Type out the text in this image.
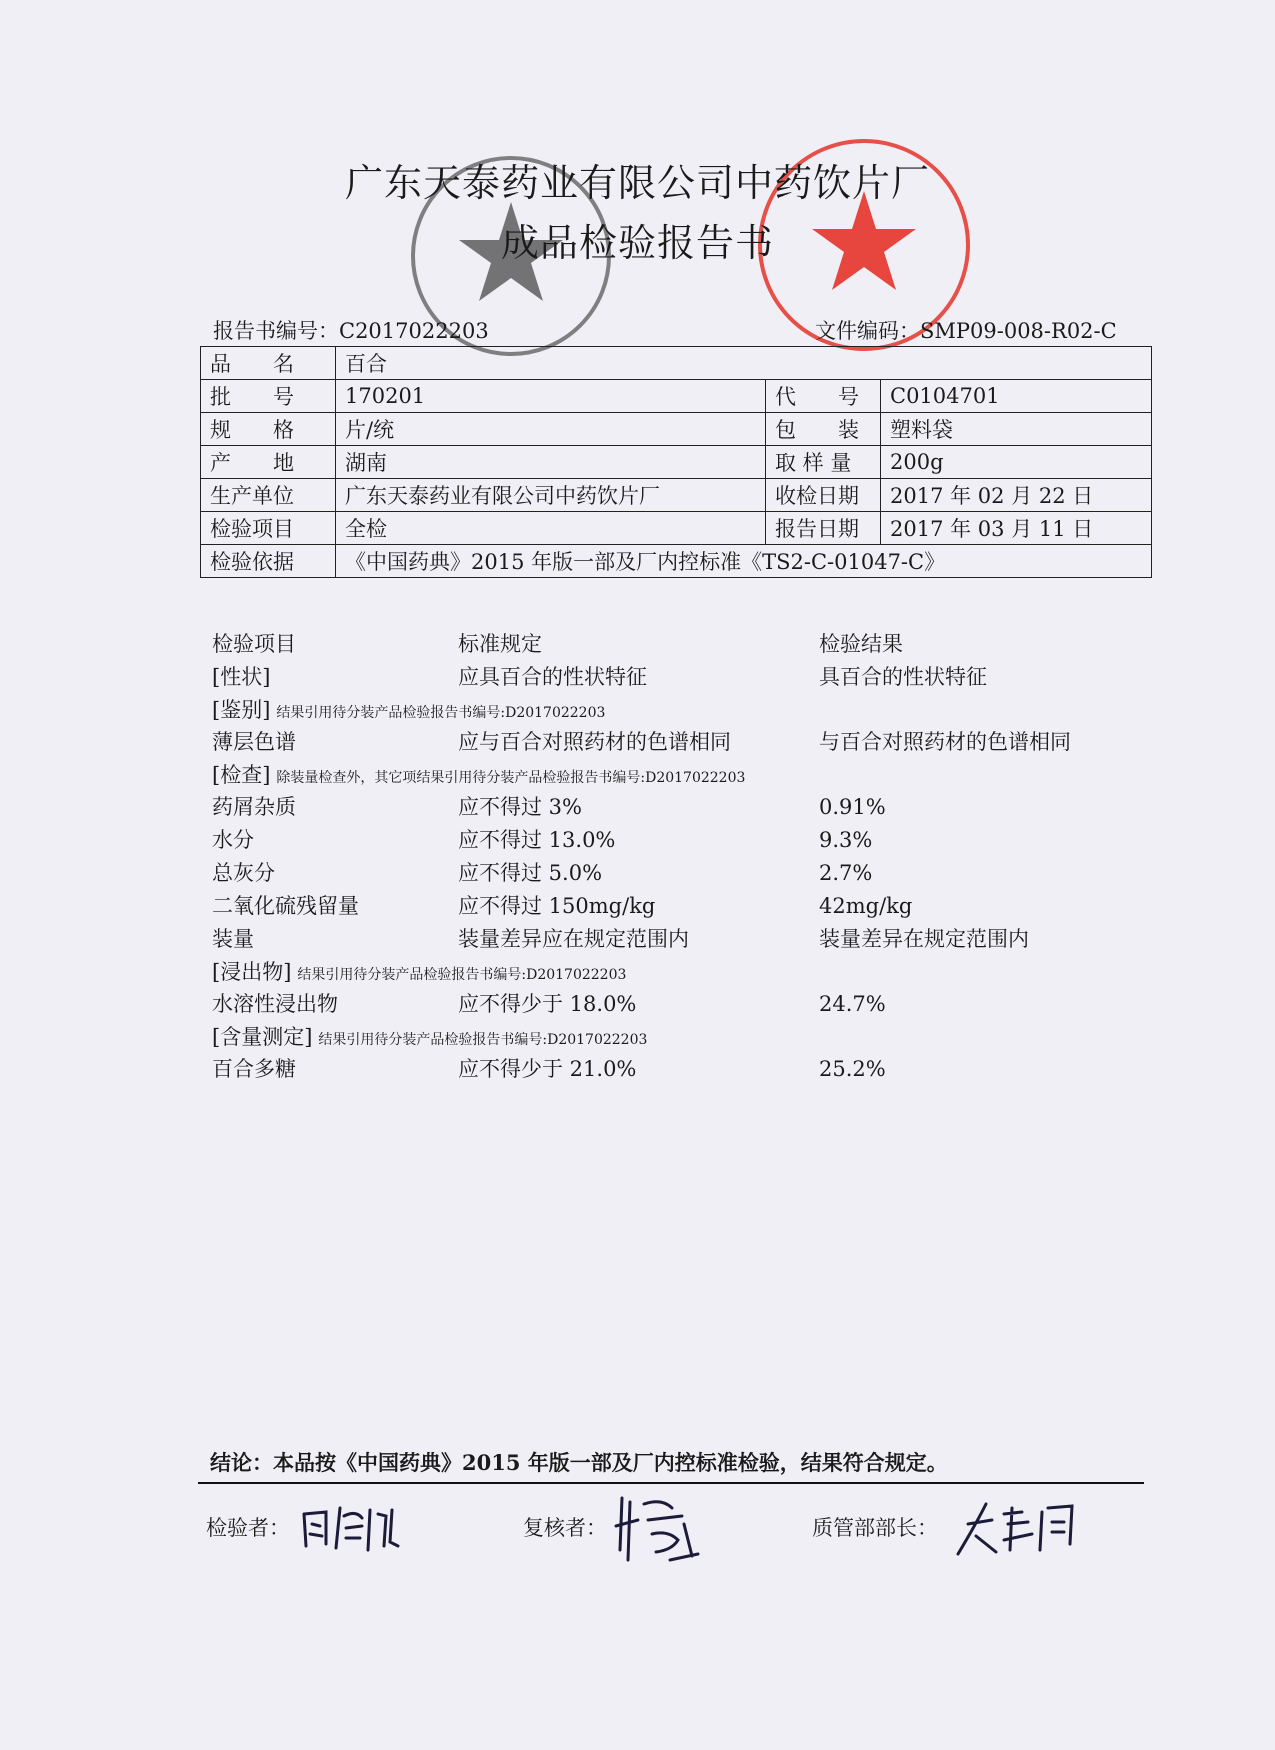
广东天泰药业有限公司中药饮片厂
成品检验报告书
报告书编号：C2017022203	文件编码：SMP09-008-R02-C
品　　名	百合		
批　　号	170201	代　　号	C0104701
规　　格	片/统	包　　装	塑料袋
产　　地	湖南	取 样 量	200g
生产单位	广东天泰药业有限公司中药饮片厂	收检日期	2017 年 02 月 22 日
检验项目	全检	报告日期	2017 年 03 月 11 日
检验依据	《中国药典》2015 年版一部及厂内控标准《TS2-C-01047-C》		
检验项目	标准规定	检验结果
[性状]	应具百合的性状特征	具百合的性状特征
[鉴别] 结果引用待分装产品检验报告书编号:D2017022203
薄层色谱	应与百合对照药材的色谱相同	与百合对照药材的色谱相同
[检查] 除装量检查外，其它项结果引用待分装产品检验报告书编号:D2017022203
药屑杂质	应不得过 3%	0.91%
水分	应不得过 13.0%	9.3%
总灰分	应不得过 5.0%	2.7%
二氧化硫残留量	应不得过 150mg/kg	42mg/kg
装量	装量差异应在规定范围内	装量差异在规定范围内
[浸出物] 结果引用待分装产品检验报告书编号:D2017022203
水溶性浸出物	应不得少于 18.0%	24.7%
[含量测定] 结果引用待分装产品检验报告书编号:D2017022203
百合多糖	应不得少于 21.0%	25.2%
结论：本品按《中国药典》2015 年版一部及厂内控标准检验，结果符合规定。
检验者：	复核者：	质管部部长：
